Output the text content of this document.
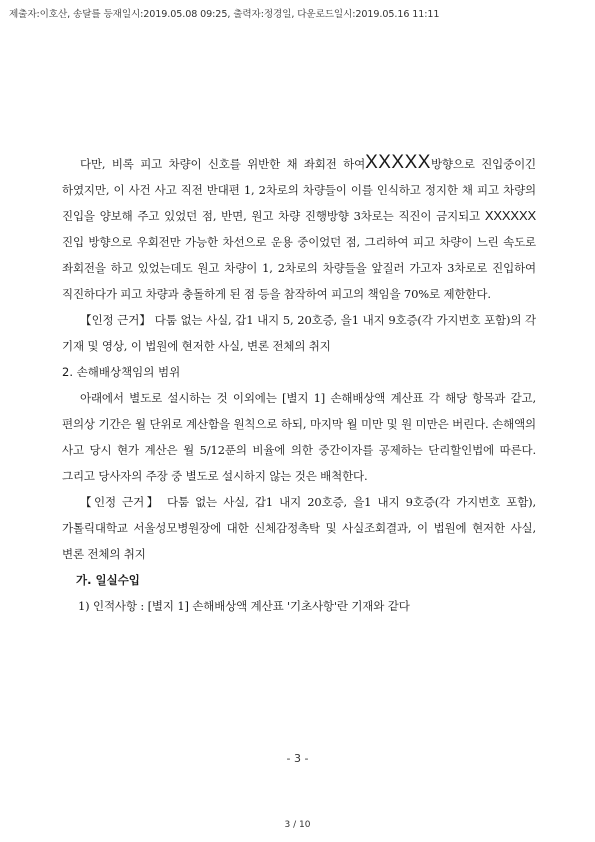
제출자:이호산, 송달를 등재일시:2019.05.08 09:25, 출력자:정경일, 다운로드일시:2019.05.16 11:11

다만, 비록 피고 차량이 신호를 위반한 채 좌회전 하여XXXXX방향으로 진입중이긴 하였지만, 이 사건 사고 직전 반대편 1, 2차로의 차량들이 이를 인식하고 정지한 채 피고 차량의 진입을 양보해 주고 있었던 점, 반면, 원고 차량 진행방향 3차로는 직진이 금지되고 XXXXXX 진입 방향으로 우회전만 가능한 차선으로 운용 중이었던 점, 그리하여 피고 차량이 느린 속도로 좌회전을 하고 있었는데도 원고 차량이 1, 2차로의 차량들을 앞질러 가고자 3차로로 진입하여 직진하다가 피고 차량과 충돌하게 된 점 등을 참작하여 피고의 책임을 70%로 제한한다.

【인정 근거】 다툼 없는 사실, 갑1 내지 5, 20호증, 을1 내지 9호증(각 가지번호 포함)의 각 기재 및 영상, 이 법원에 현저한 사실, 변론 전체의 취지

2. 손해배상책임의 범위

아래에서 별도로 설시하는 것 이외에는 [별지 1] 손해배상액 계산표 각 해당 항목과 같고, 편의상 기간은 월 단위로 계산함을 원칙으로 하되, 마지막 월 미만 및 원 미만은 버린다. 손해액의 사고 당시 현가 계산은 월 5/12푼의 비율에 의한 중간이자를 공제하는 단리할인법에 따른다. 그리고 당사자의 주장 중 별도로 설시하지 않는 것은 배척한다.

【인정 근거】 다툼 없는 사실, 갑1 내지 20호증, 을1 내지 9호증(각 가지번호 포함), 가톨릭대학교 서울성모병원장에 대한 신체감정촉탁 및 사실조회결과, 이 법원에 현저한 사실, 변론 전체의 취지

가. 일실수입

1) 인적사항 : [별지 1] 손해배상액 계산표 '기초사항'란 기재와 같다

- 3 -
3 / 10
